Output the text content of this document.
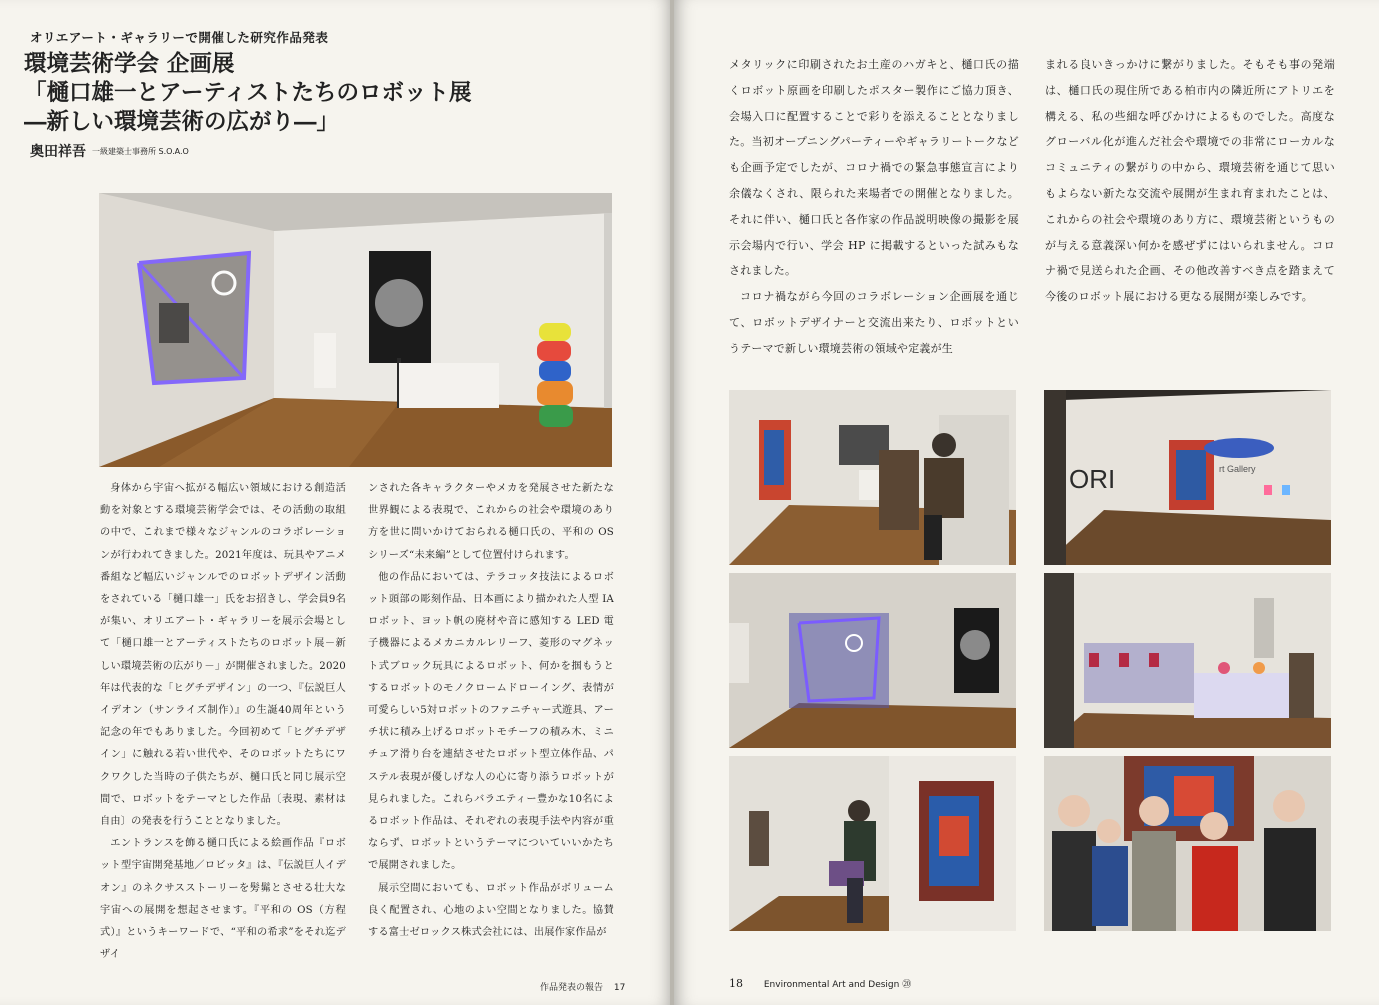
オリエアート・ギャラリーで開催した研究作品発表
環境芸術学会 企画展
「樋口雄一とアーティストたちのロボット展
―新しい環境芸術の広がり―」
奥田祥吾 一級建築士事務所 S.O.A.O

身体から宇宙へ拡がる幅広い領域における創造活動を対象とする環境芸術学会では、その活動の取組の中で、これまで様々なジャンルのコラボレーションが行われてきました。2021年度は、玩具やアニメ番組など幅広いジャンルでのロボットデザイン活動をされている「樋口雄一」氏をお招きし、学会員9名が集い、オリエアート・ギャラリーを展示会場として「樋口雄一とアーティストたちのロボット展－新しい環境芸術の広がり－」が開催されました。2020年は代表的な「ヒグチデザイン」の一つ、『伝説巨人イデオン（サンライズ制作）』の生誕40周年という記念の年でもありました。今回初めて「ヒグチデザイン」に触れる若い世代や、そのロボットたちにワクワクした当時の子供たちが、樋口氏と同じ展示空間で、ロボットをテーマとした作品〔表現、素材は自由〕の発表を行うこととなりました。

エントランスを飾る樋口氏による絵画作品『ロボット型宇宙開発基地／ロビッタ』は、『伝説巨人イデオン』のネクサスストーリーを髣髴とさせる壮大な宇宙への展開を想起させます。『平和の OS（方程式）』というキーワードで、“平和の希求”をそれ迄デザイ

ンされた各キャラクターやメカを発展させた新たな世界観による表現で、これからの社会や環境のあり方を世に問いかけておられる樋口氏の、平和の OS シリーズ“未来編”として位置付けられます。

他の作品においては、テラコッタ技法によるロボット頭部の彫刻作品、日本画により描かれた人型 IA ロボット、ヨット帆の廃材や音に感知する LED 電子機器によるメカニカルレリーフ、菱形のマグネット式ブロック玩具によるロボット、何かを掴もうとするロボットのモノクロームドローイング、表情が可愛らしい5対ロボットのファニチャー式遊具、アーチ状に積み上げるロボットモチーフの積み木、ミニチュア滑り台を連結させたロボット型立体作品、パステル表現が優しげな人の心に寄り添うロボットが見られました。これらバラエティー豊かな10名によるロボット作品は、それぞれの表現手法や内容が重ならず、ロボットというテーマについていいかたちで展開されました。

展示空間においても、ロボット作品がボリューム良く配置され、心地のよい空間となりました。協賛する富士ゼロックス株式会社には、出展作家作品が

作品発表の報告 17

メタリックに印刷されたお土産のハガキと、樋口氏の描くロボット原画を印刷したポスター製作にご協力頂き、会場入口に配置することで彩りを添えることとなりました。当初オープニングパーティーやギャラリートークなども企画予定でしたが、コロナ禍での緊急事態宣言により余儀なくされ、限られた来場者での開催となりました。それに伴い、樋口氏と各作家の作品説明映像の撮影を展示会場内で行い、学会 HP に掲載するといった試みもなされました。

コロナ禍ながら今回のコラボレーション企画展を通じて、ロボットデザイナーと交流出来たり、ロボットというテーマで新しい環境芸術の領域や定義が生

まれる良いきっかけに繋がりました。そもそも事の発端は、樋口氏の現住所である柏市内の隣近所にアトリエを構える、私の些細な呼びかけによるものでした。高度なグローバル化が進んだ社会や環境での非常にローカルなコミュニティの繋がりの中から、環境芸術を通じて思いもよらない新たな交流や展開が生まれ育まれたことは、これからの社会や環境のあり方に、環境芸術というものが与える意義深い何かを感ぜずにはいられません。コロナ禍で見送られた企画、その他改善すべき点を踏まえて今後のロボット展における更なる展開が楽しみです。

ORI	rt Gallery
18 Environmental Art and Design ⑳
